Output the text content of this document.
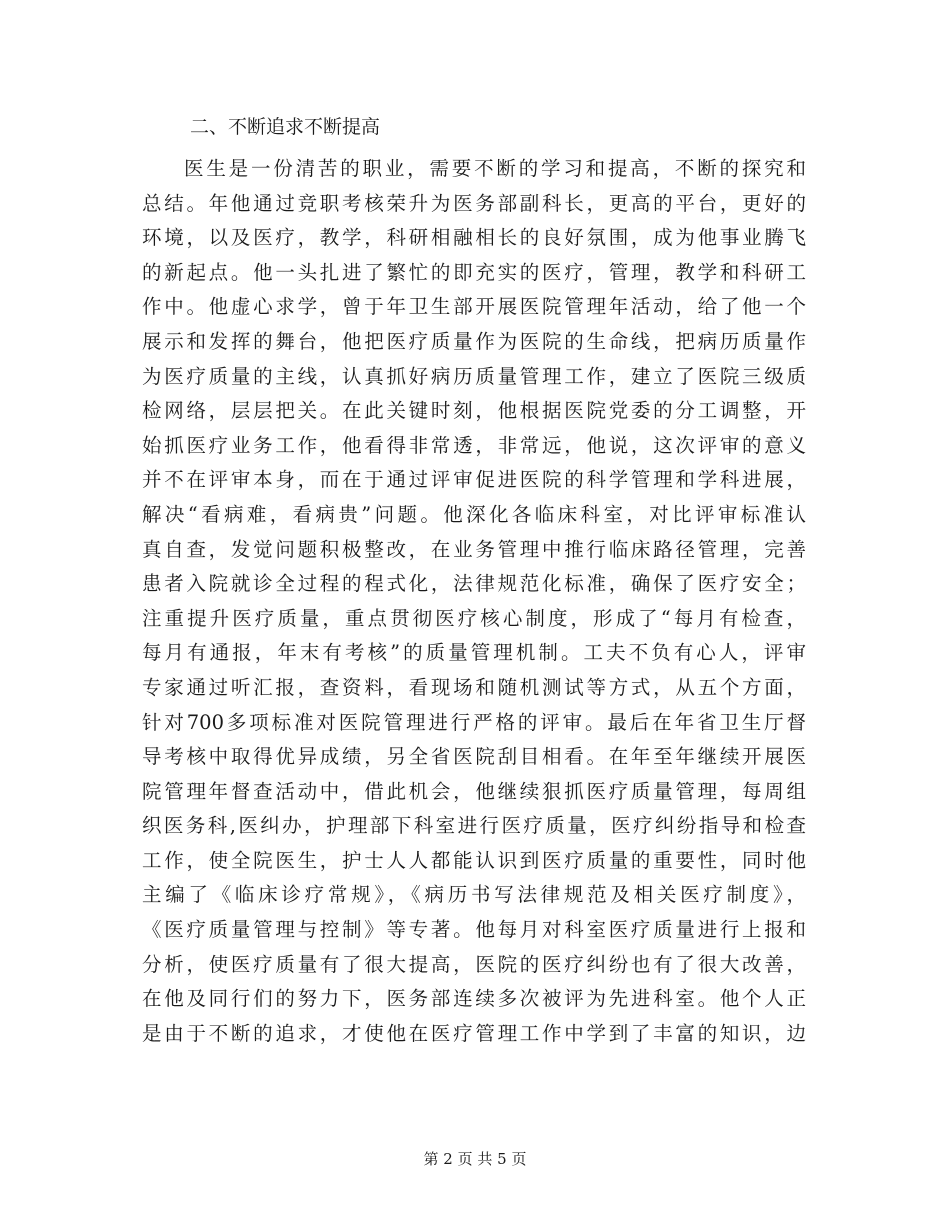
二、不断追求不断提高
医生是一份清苦的职业，需要不断的学习和提高，不断的探究和
总结。年他通过竞职考核荣升为医务部副科长，更高的平台，更好的
环境，以及医疗，教学，科研相融相长的良好氛围，成为他事业腾飞
的新起点。他一头扎进了繁忙的即充实的医疗，管理，教学和科研工
作中。他虚心求学，曾于年卫生部开展医院管理年活动，给了他一个
展示和发挥的舞台，他把医疗质量作为医院的生命线，把病历质量作
为医疗质量的主线，认真抓好病历质量管理工作，建立了医院三级质
检网络，层层把关。在此关键时刻，他根据医院党委的分工调整，开
始抓医疗业务工作，他看得非常透，非常远，他说，这次评审的意义
并不在评审本身，而在于通过评审促进医院的科学管理和学科进展，
解决“看病难，看病贵”问题。他深化各临床科室，对比评审标准认
真自查，发觉问题积极整改，在业务管理中推行临床路径管理，完善
患者入院就诊全过程的程式化，法律规范化标准，确保了医疗安全；
注重提升医疗质量，重点贯彻医疗核心制度，形成了“每月有检查，
每月有通报，年末有考核”的质量管理机制。工夫不负有心人，评审
专家通过听汇报，查资料，看现场和随机测试等方式，从五个方面，
针对700多项标准对医院管理进行严格的评审。最后在年省卫生厅督
导考核中取得优异成绩，另全省医院刮目相看。在年至年继续开展医
院管理年督查活动中，借此机会，他继续狠抓医疗质量管理，每周组
织医务科,医纠办，护理部下科室进行医疗质量，医疗纠纷指导和检查
工作，使全院医生，护士人人都能认识到医疗质量的重要性，同时他
主编了《临床诊疗常规》，《病历书写法律规范及相关医疗制度》，
《医疗质量管理与控制》等专著。他每月对科室医疗质量进行上报和
分析，使医疗质量有了很大提高，医院的医疗纠纷也有了很大改善，
在他及同行们的努力下，医务部连续多次被评为先进科室。他个人正
是由于不断的追求，才使他在医疗管理工作中学到了丰富的知识，边
第 2 页 共 5 页
